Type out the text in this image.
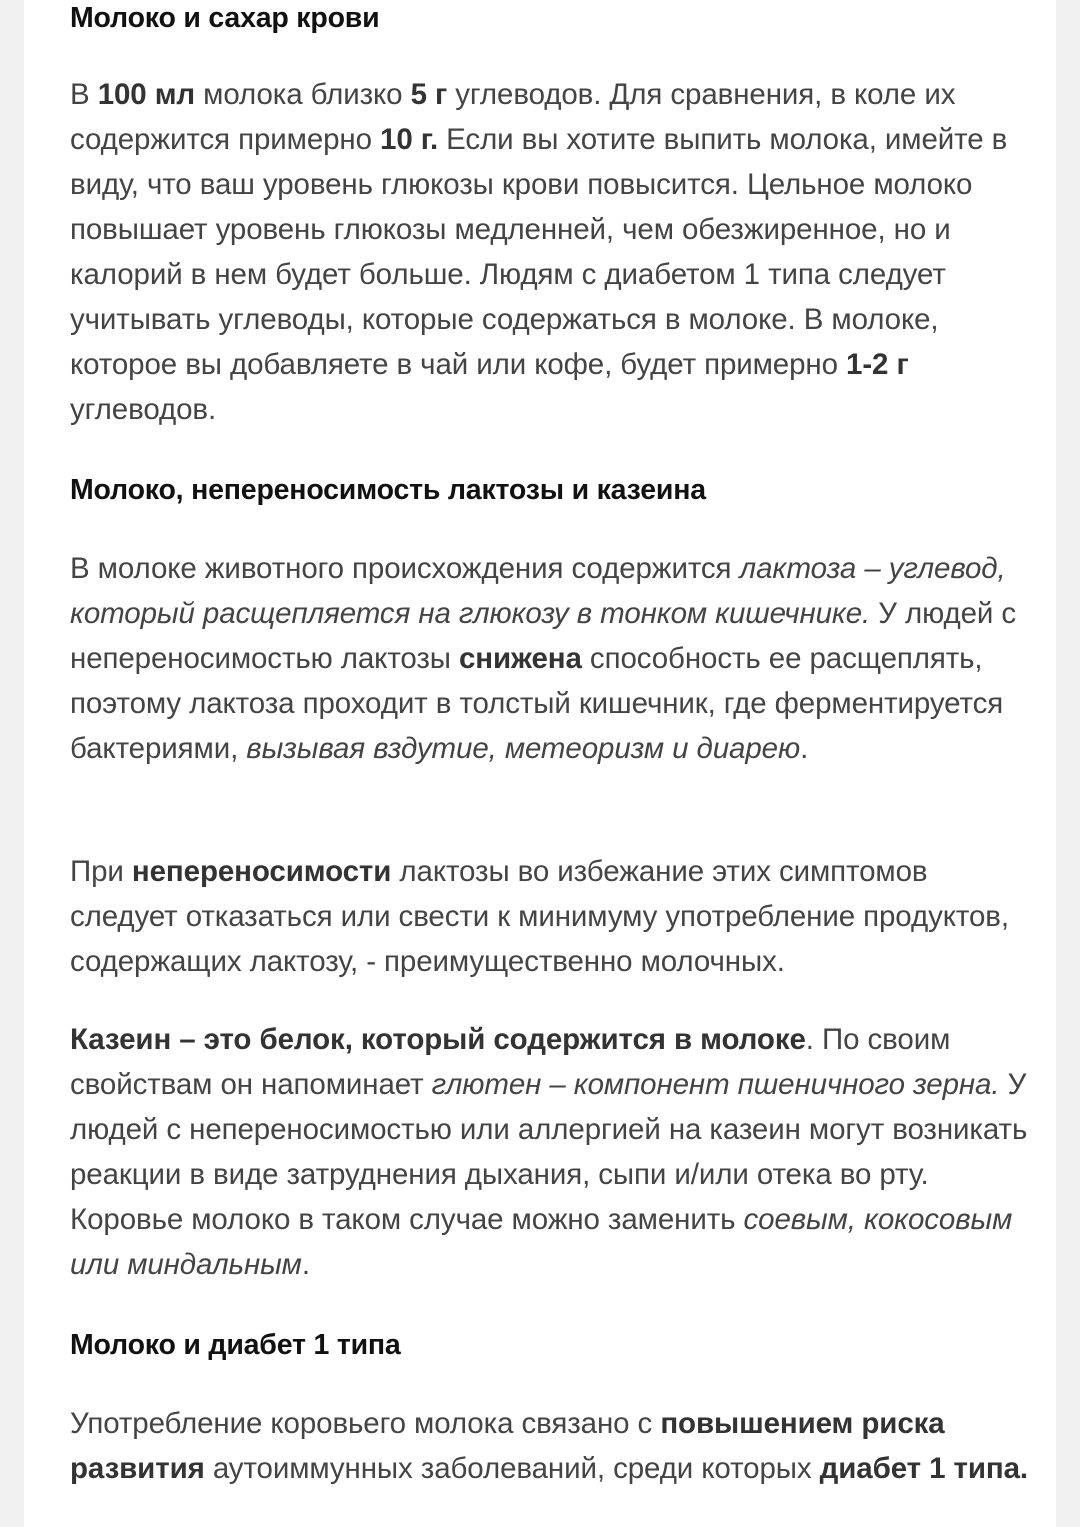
Молоко и сахар крови

В 100 мл молока близко 5 г углеводов. Для сравнения, в коле их содержится примерно 10 г. Если вы хотите выпить молока, имейте в виду, что ваш уровень глюкозы крови повысится. Цельное молоко повышает уровень глюкозы медленней, чем обезжиренное, но и калорий в нем будет больше. Людям с диабетом 1 типа следует учитывать углеводы, которые содержаться в молоке. В молоке, которое вы добавляете в чай или кофе, будет примерно 1-2 г углеводов.

Молоко, непереносимость лактозы и казеина

В молоке животного происхождения содержится лактоза – углевод, который расщепляется на глюкозу в тонком кишечнике. У людей с непереносимостью лактозы снижена способность ее расщеплять, поэтому лактоза проходит в толстый кишечник, где ферментируется бактериями, вызывая вздутие, метеоризм и диарею.

При непереносимости лактозы во избежание этих симптомов следует отказаться или свести к минимуму употребление продуктов, содержащих лактозу, - преимущественно молочных.

Казеин – это белок, который содержится в молоке. По своим свойствам он напоминает глютен – компонент пшеничного зерна. У людей с непереносимостью или аллергией на казеин могут возникать реакции в виде затруднения дыхания, сыпи и/или отека во рту. Коровье молоко в таком случае можно заменить соевым, кокосовым или миндальным.

Молоко и диабет 1 типа

Употребление коровьего молока связано с повышением риска развития аутоиммунных заболеваний, среди которых диабет 1 типа.
